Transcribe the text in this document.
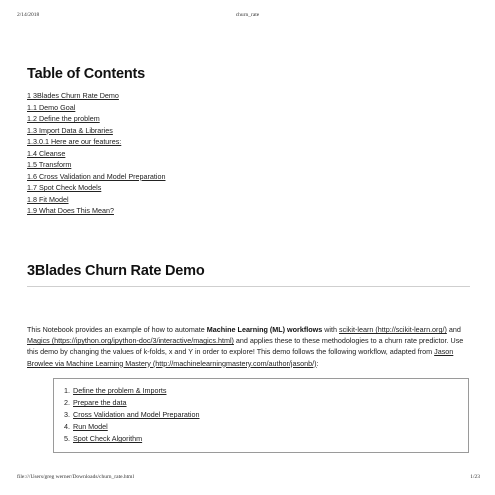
2/14/2018	churn_rate
Table of Contents
1 3Blades Churn Rate Demo
1.1 Demo Goal
1.2 Define the problem
1.3 Import Data & Libraries
1.3.0.1 Here are our features:
1.4 Cleanse
1.5 Transform
1.6 Cross Validation and Model Preparation
1.7 Spot Check Models
1.8 Fit Model
1.9 What Does This Mean?
3Blades Churn Rate Demo
This Notebook provides an example of how to automate Machine Learning (ML) workflows with scikit-learn (http://scikit-learn.org/) and Magics (https://ipython.org/ipython-doc/3/interactive/magics.html) and applies these to these methodologies to a churn rate predictor. Use this demo by changing the values of k-folds, x and Y in order to explore! This demo follows the following workflow, adapted from Jason Browlee via Machine Learning Mastery (http://machinelearningmastery.com/author/jasonb/):
1. Define the problem & Imports
2. Prepare the data
3. Cross Validation and Model Preparation
4. Run Model
5. Spot Check Algorithm
file:///Users/greg werner/Downloads/churn_rate.html	1/23
